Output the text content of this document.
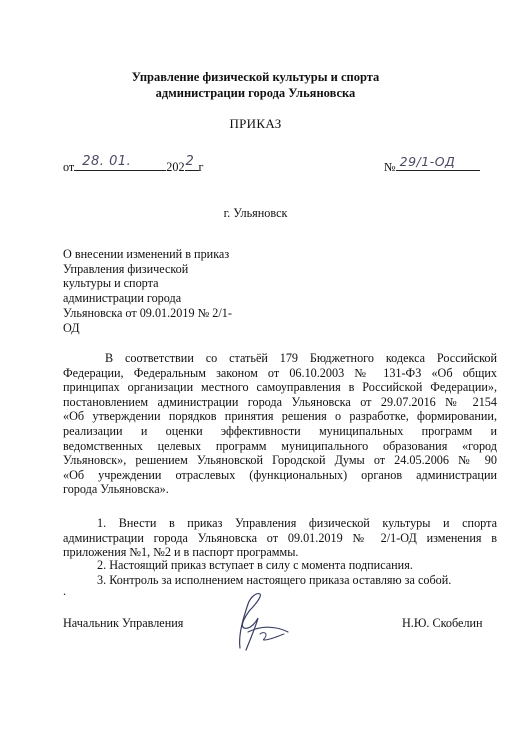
Управление физической культуры и спорта
администрации города Ульяновска
ПРИКАЗ
от 28. 01.	202 2 г	№ 29/1-ОД
г. Ульяновск
О внесении изменений в приказ
Управления физической
культуры и спорта
администрации города
Ульяновска от 09.01.2019 № 2/1-
ОД
В соответствии со статьёй 179 Бюджетного кодекса Российской
Федерации, Федеральным законом от 06.10.2003 № 131-ФЗ «Об общих
принципах организации местного самоуправления в Российской Федерации»,
постановлением администрации города Ульяновска от 29.07.2016 № 2154
«Об утверждении порядков принятия решения о разработке, формировании,
реализации и оценки эффективности муниципальных программ и
ведомственных целевых программ муниципального образования «город
Ульяновск», решением Ульяновской Городской Думы от 24.05.2006 № 90
«Об учреждении отраслевых (функциональных) органов администрации
города Ульяновска».
1. Внести в приказ Управления физической культуры и спорта
администрации города Ульяновска от 09.01.2019 № 2/1-ОД изменения в
приложения №1, №2 и в паспорт программы.
2. Настоящий приказ вступает в силу с момента подписания.
3. Контроль за исполнением настоящего приказа оставляю за собой.
.
Начальник Управления	Н.Ю. Скобелин
